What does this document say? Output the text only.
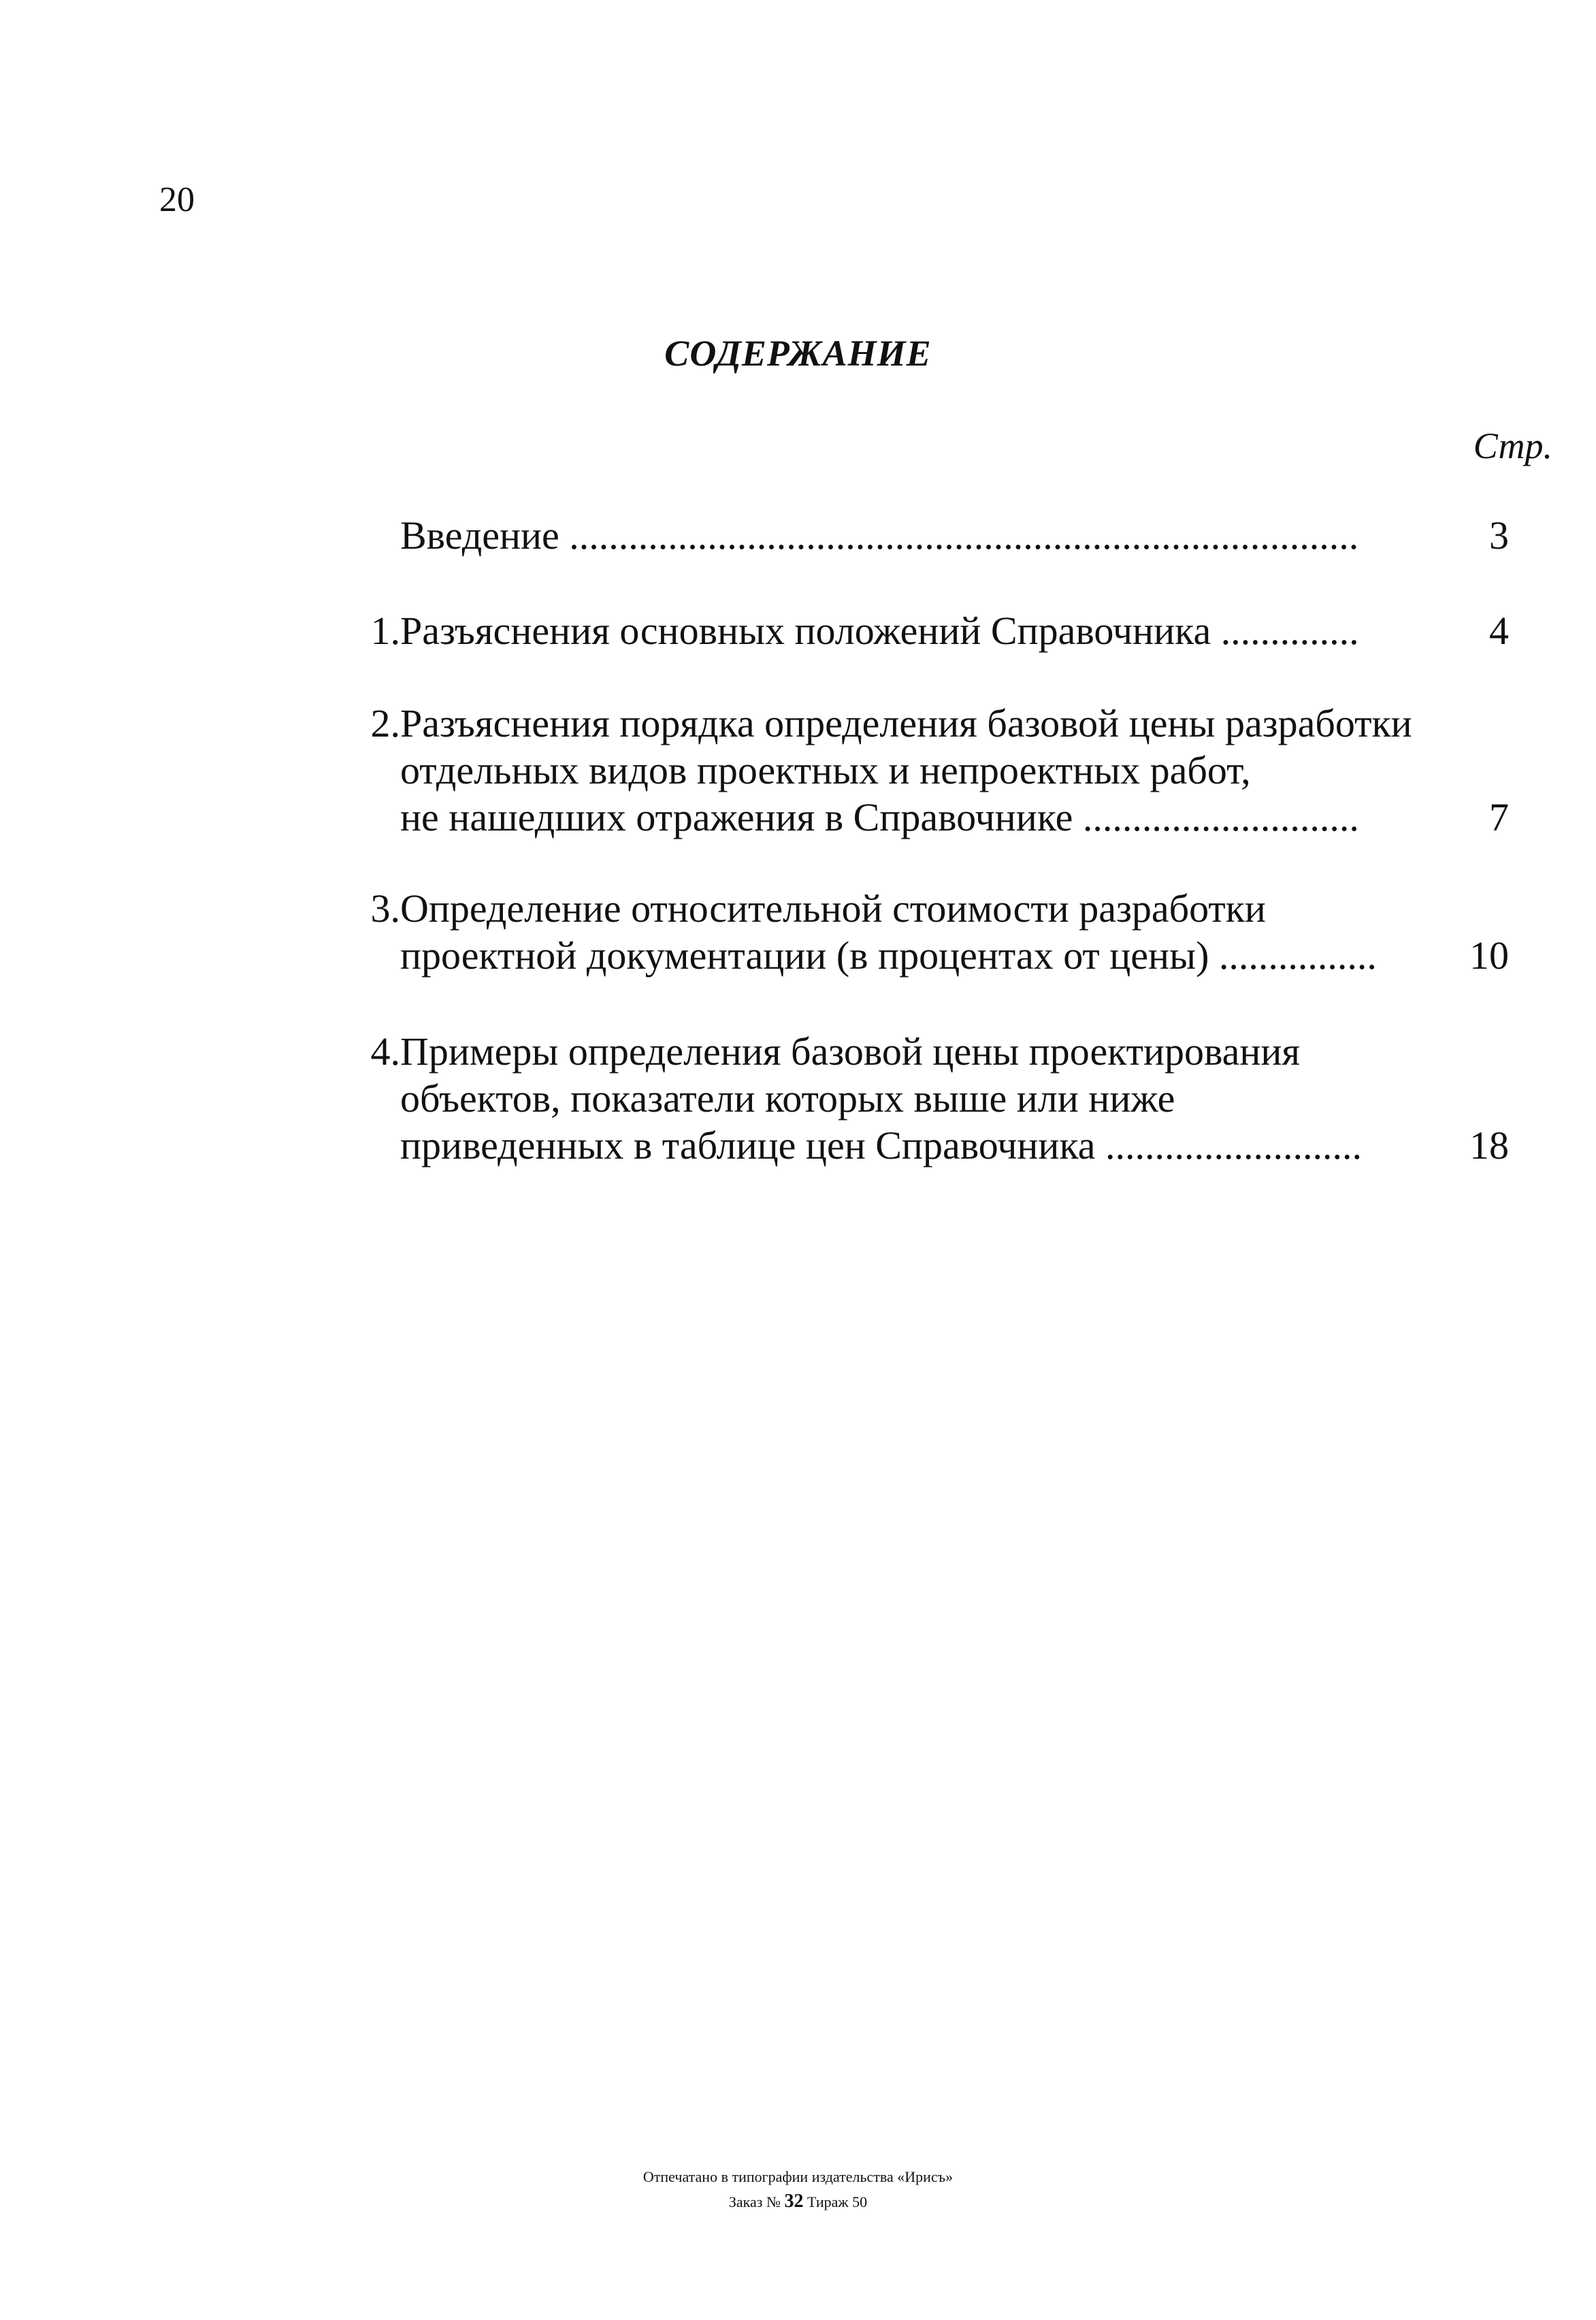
20
СОДЕРЖАНИЕ
Стр.
Введение ................................................................................	3
1. Разъяснения основных положений Справочника ..............	4
2. Разъяснения порядка определения базовой цены разработки
отдельных видов проектных и непроектных работ,
не нашедших отражения в Справочнике ............................	7
3. Определение относительной стоимости разработки
проектной документации (в процентах от цены) ................	10
4. Примеры определения базовой цены проектирования
объектов, показатели которых выше или ниже
приведенных в таблице цен Справочника ..........................	18
Отпечатано в типографии издательства «Ирисъ»
Заказ № 32 Тираж 50
